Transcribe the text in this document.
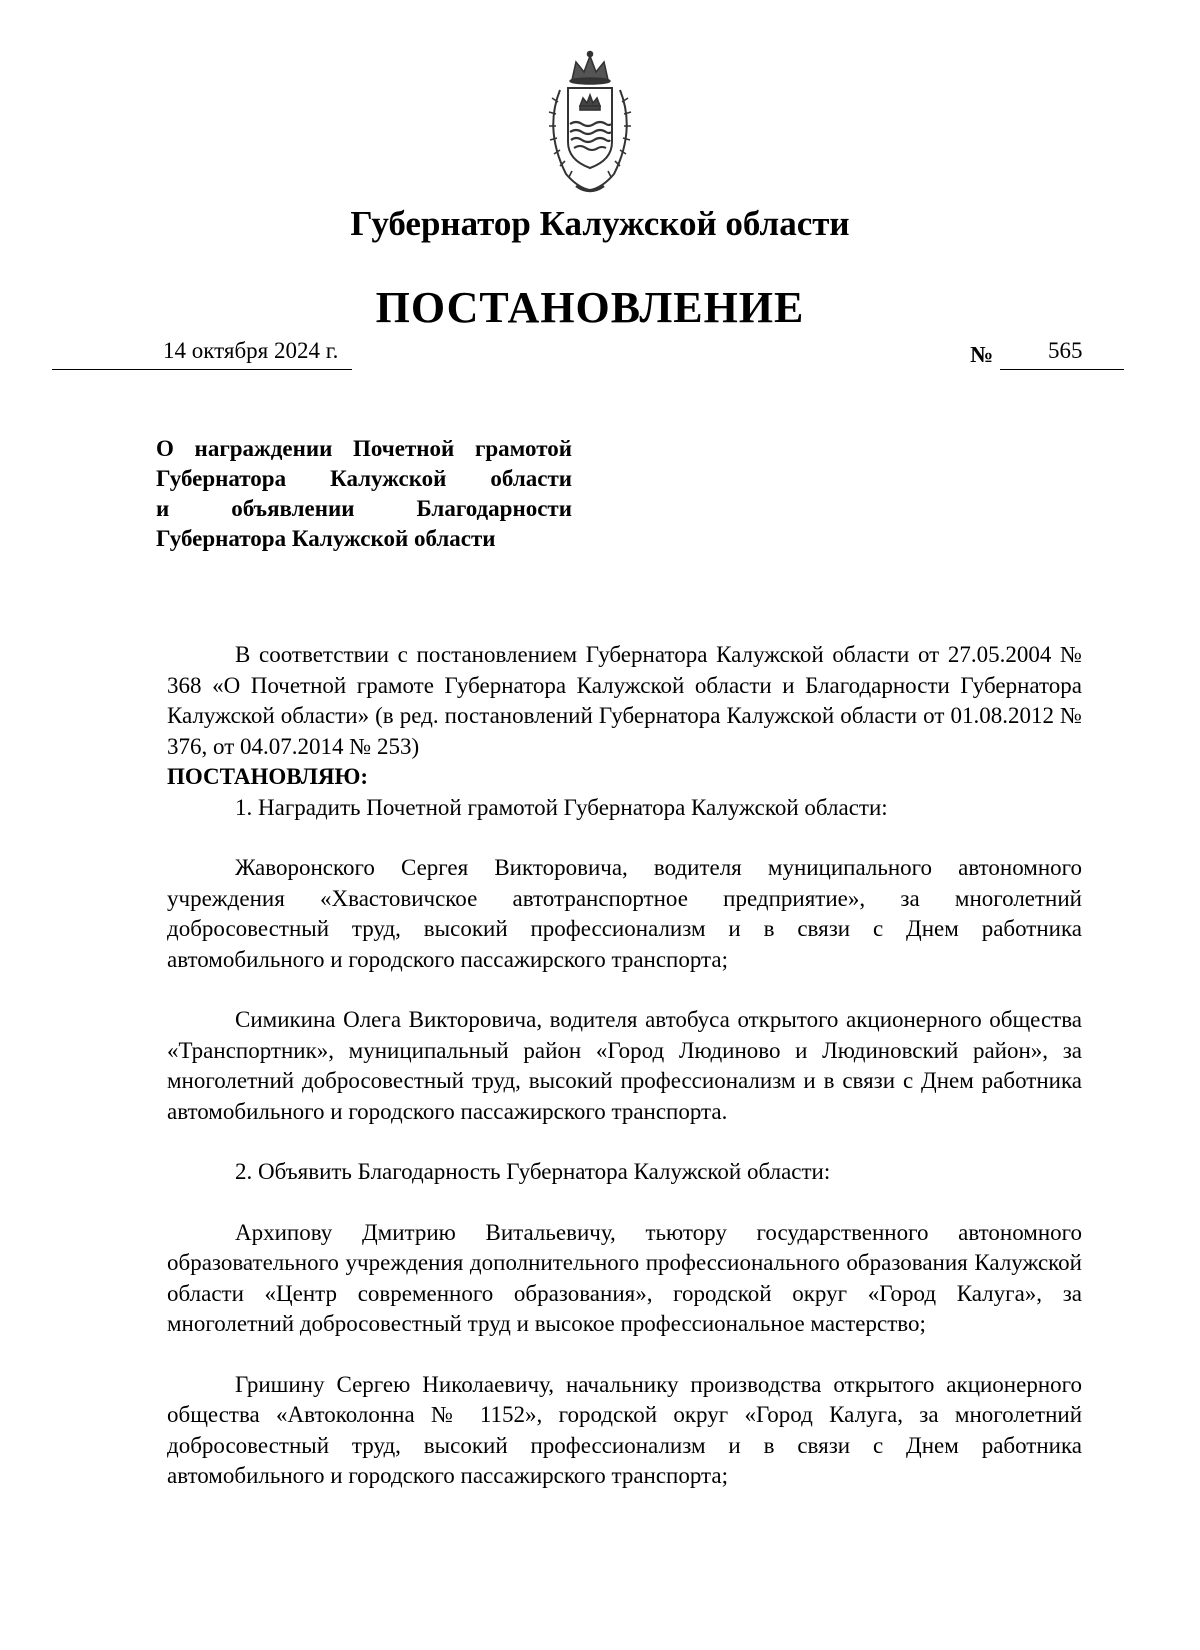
Губернатор Калужской области
ПОСТАНОВЛЕНИЕ
14 октября 2024 г.	№ 565
О награждении Почетной грамотой
Губернатора Калужской области
и объявлении Благодарности
Губернатора Калужской области

В соответствии с постановлением Губернатора Калужской области от 27.05.2004 № 368 «О Почетной грамоте Губернатора Калужской области и Благодарности Губернатора Калужской области» (в ред. постановлений Губернатора Калужской области от 01.08.2012 № 376, от 04.07.2014 № 253)

ПОСТАНОВЛЯЮ:

1. Наградить Почетной грамотой Губернатора Калужской области:

Жаворонского Сергея Викторовича, водителя муниципального автономного учреждения «Хвастовичское автотранспортное предприятие», за многолетний добросовестный труд, высокий профессионализм и в связи с Днем работника автомобильного и городского пассажирского транспорта;

Симикина Олега Викторовича, водителя автобуса открытого акционерного общества «Транспортник», муниципальный район «Город Людиново и Людиновский район», за многолетний добросовестный труд, высокий профессионализм и в связи с Днем работника автомобильного и городского пассажирского транспорта.

2. Объявить Благодарность Губернатора Калужской области:

Архипову Дмитрию Витальевичу, тьютору государственного автономного образовательного учреждения дополнительного профессионального образования Калужской области «Центр современного образования», городской округ «Город Калуга», за многолетний добросовестный труд и высокое профессиональное мастерство;

Гришину Сергею Николаевичу, начальнику производства открытого акционерного общества «Автоколонна № 1152», городской округ «Город Калуга, за многолетний добросовестный труд, высокий профессионализм и в связи с Днем работника автомобильного и городского пассажирского транспорта;
